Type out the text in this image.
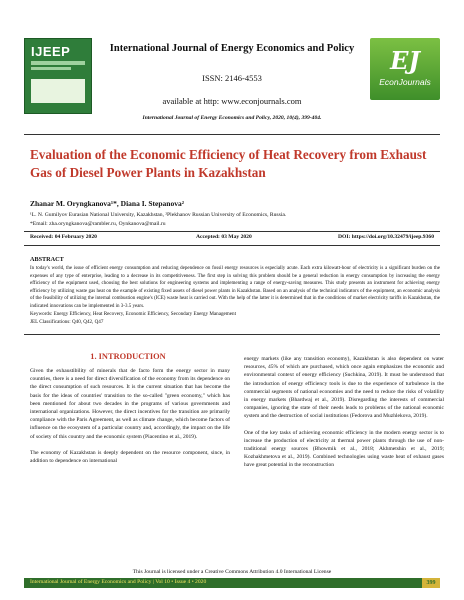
IJEEP	International Journal of Energy Economics and Policy
ISSN: 2146-4553
available at http: www.econjournals.com
International Journal of Energy Economics and Policy, 2020, 10(4), 399-404.
EJ
EconJournals
Evaluation of the Economic Efficiency of Heat Recovery from Exhaust Gas of Diesel Power Plants in Kazakhstan
Zhanar M. Oryngkanova¹*, Diana I. Stepanova²
¹L. N. Gumilyov Eurasian National University, Kazakhstan, ²Plekhanov Russian University of Economics, Russia.
*Email: zha.oryngkanova@rambler.ru, Oynkanova@mail.ru
Received: 04 February 2020	Accepted: 03 May 2020	DOI: https://doi.org/10.32479/ijeep.9360
ABSTRACT
In today's world, the issue of efficient energy consumption and reducing dependence on fossil energy resources is especially acute. Each extra kilowatt-hour of electricity is a significant burden on the expenses of any type of enterprise, leading to a decrease in its competitiveness. The first step in solving this problem should be a general reduction in energy consumption by increasing the energy efficiency of the equipment used, choosing the best solutions for engineering systems and implementing a range of energy-saving measures. This study presents an instrument for achieving energy efficiency by utilizing waste gas heat on the example of existing fixed assets of diesel power plants in Kazakhstan. Based on an analysis of the technical indicators of the equipment, an economic analysis of the feasibility of utilizing the internal combustion engine's (ICE) waste heat is carried out. With the help of the latter it is determined that in the conditions of market electricity tariffs in Kazakhstan, the indicated innovations can be implemented in 3-3.5 years.
Keywords: Energy Efficiency, Heat Recovery, Economic Efficiency, Secondary Energy Management
JEL Classifications: Q40, Q42, Q47
1. INTRODUCTION

Given the exhaustibility of minerals that de facto form the energy sector in many countries, there is a need for direct diversification of the economy from its dependence on the direct consumption of such resources. It is the current situation that has become the basis for the ideas of countries' transition to the so-called "green economy," which has been mentioned for about two decades in the programs of various governments and international organizations. However, the direct incentives for the transition are primarily compliance with the Paris Agreement, as well as climate change, which become factors of influence on the ecosystem of a particular country and, accordingly, the impact on the life of society of this country and the economic system (Piacentino et al., 2019).

The economy of Kazakhstan is deeply dependent on the resource component, since, in addition to dependence on international

energy markets (like any transition economy), Kazakhstan is also dependent on water resources, 45% of which are purchased, which once again emphasizes the economic and environmental context of energy efficiency (Suchkina, 2019). It must be understood that the introduction of energy efficiency tools is due to the experience of turbulence in the commercial segments of national economies and the need to reduce the risks of volatility in energy markets (Bhardwaj et al., 2019). Disregarding the interests of commercial companies, ignoring the state of their needs leads to problems of the national economic system and the destruction of social institutions (Fedorova and Muzhlekova, 2019).

One of the key tasks of achieving economic efficiency in the modern energy sector is to increase the production of electricity at thermal power plants through the use of non-traditional energy sources (Bhowmik et al., 2018; Akhmetshin et al., 2019; Kozhakhmetova et al., 2019). Combined technologies using waste heat of exhaust gases have great potential in the reconstruction

This Journal is licensed under a Creative Commons Attribution 4.0 International License
International Journal of Energy Economics and Policy | Vol 10 • Issue 4 • 2020	399
